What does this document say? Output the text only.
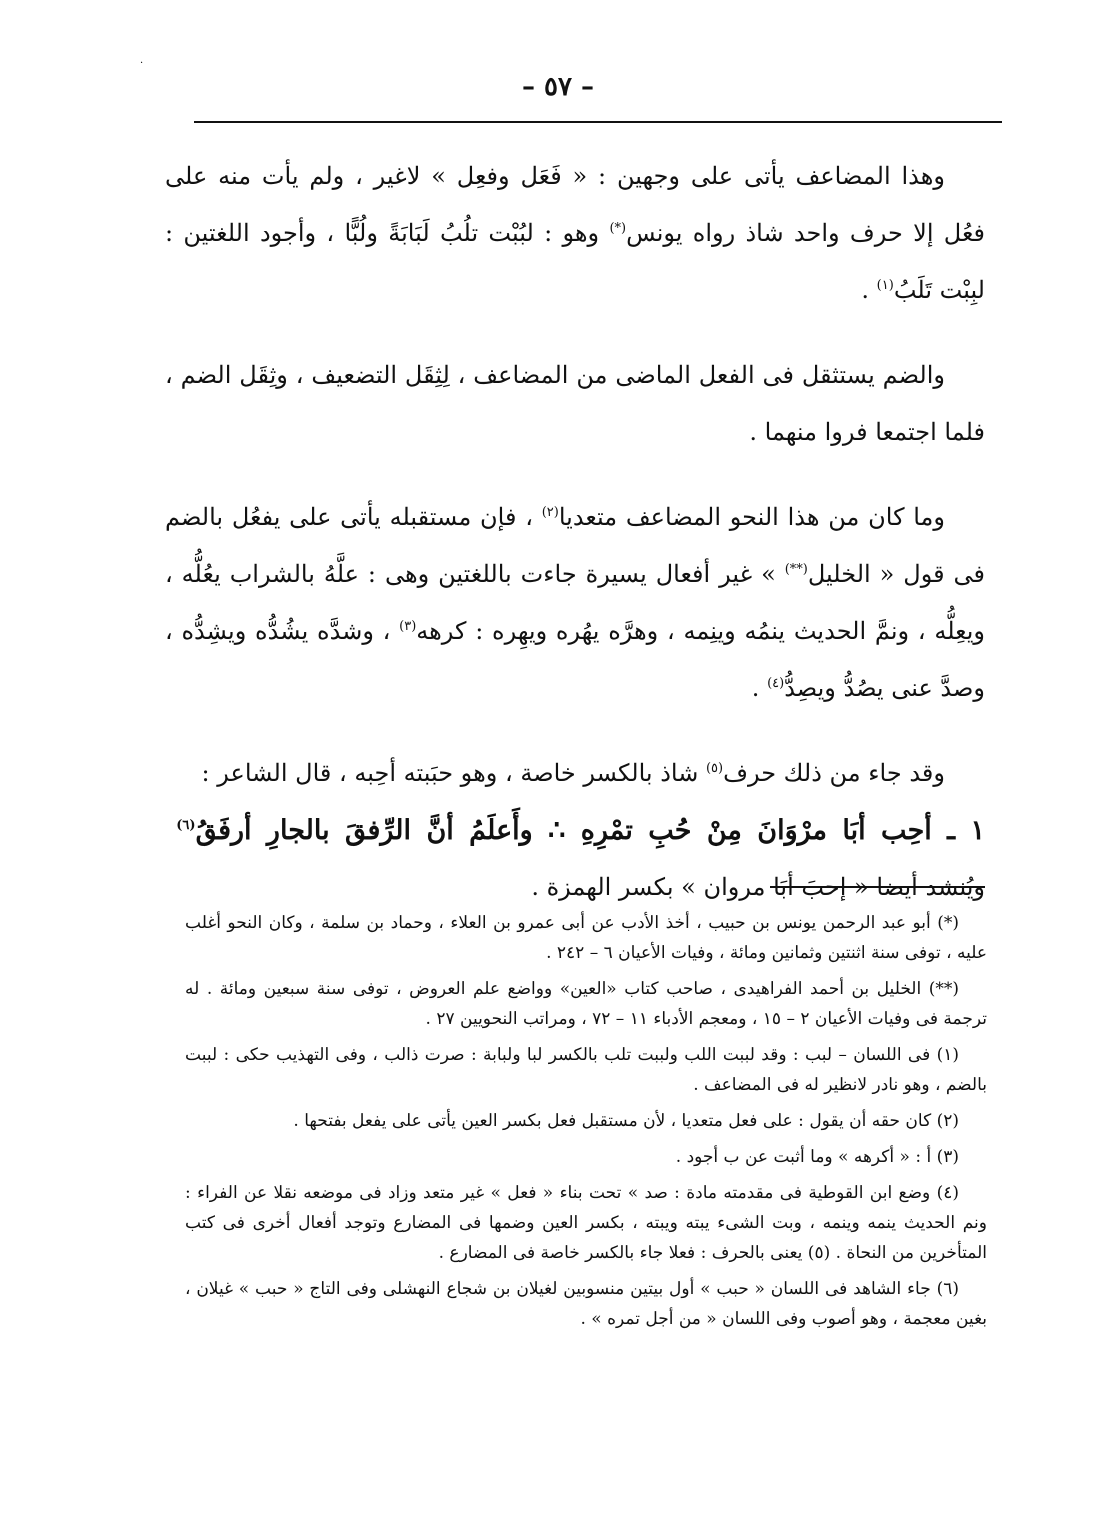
·
– ٥٧ –

وهذا المضاعف يأتى على وجهين : « فَعَل وفعِل » لاغير ، ولم يأت منه على فعُل إلا حرف واحد شاذ رواه يونس(*) وهو : لبُبْت تلُبُ لَبَابَةً ولُبًّا ، وأجود اللغتين : لبِبْت تَلَبُ$^{(١)}$ .

والضم يستثقل فى الفعل الماضى من المضاعف ، لِثِقَل التضعيف ، وثِقَل الضم ، فلما اجتمعا فروا منهما .

وما كان من هذا النحو المضاعف متعديا$^{(٢)}$ ، فإن مستقبله يأتى على يفعُل بالضم فى قول « الخليل(**) » غير أفعال يسيرة جاءت باللغتين وهى : علَّهُ بالشراب يعُلُّه ، ويعِلُّه ، ونمَّ الحديث ينمُه وينِمه ، وهرَّه يهُره ويهِره : كرهه$^{(٣)}$ ، وشدَّه يشُدُّه ويشِدُّه ، وصدَّ عنى يصُدُّ ويصِدُّ$^{(٤)}$ .

وقد جاء من ذلك حرف$^{(٥)}$ شاذ بالكسر خاصة ، وهو حبَبته أحِبه ، قال الشاعر :

١ ـ أحِب أبَا مرْوَانَ مِنْ حُبِ تمْرِهِ ∴ وأَعلَمُ أنَّ الرِّفقَ بالجارِ أرفَقُ$^{(٦)}$

ويُنشد أيضا « إحبَ أبَا مروان » بكسر الهمزة .

(*) أبو عبد الرحمن يونس بن حبيب ، أخذ الأدب عن أبى عمرو بن العلاء ، وحماد بن سلمة ، وكان النحو أغلب عليه ، توفى سنة اثنتين وثمانين ومائة ، وفيات الأعيان ٦ – ٢٤٢ .

(**) الخليل بن أحمد الفراهيدى ، صاحب كتاب «العين» وواضع علم العروض ، توفى سنة سبعين ومائة . له ترجمة فى وفيات الأعيان ٢ – ١٥ ، ومعجم الأدباء ١١ – ٧٢ ، ومراتب النحويين ٢٧ .

(١) فى اللسان – لبب : وقد لببت اللب ولببت تلب بالكسر لبا ولبابة : صرت ذالب ، وفى التهذيب حكى : لببت بالضم ، وهو نادر لانظير له فى المضاعف .

(٢) كان حقه أن يقول : على فعل متعديا ، لأن مستقبل فعل بكسر العين يأتى على يفعل بفتحها .

(٣) أ : « أكرهه » وما أثبت عن ب أجود .

(٤) وضع ابن القوطية فى مقدمته مادة : صد » تحت بناء « فعل » غير متعد وزاد فى موضعه نقلا عن الفراء : ونم الحديث ينمه وينمه ، وبت الشىء يبته ويبته ، بكسر العين وضمها فى المضارع وتوجد أفعال أخرى فى كتب المتأخرين من النحاة . (٥) يعنى بالحرف : فعلا جاء بالكسر خاصة فى المضارع .

(٦) جاء الشاهد فى اللسان « حبب » أول بيتين منسوبين لغيلان بن شجاع النهشلى وفى التاج « حبب » غيلان ، بغين معجمة ، وهو أصوب وفى اللسان « من أجل تمره » .
